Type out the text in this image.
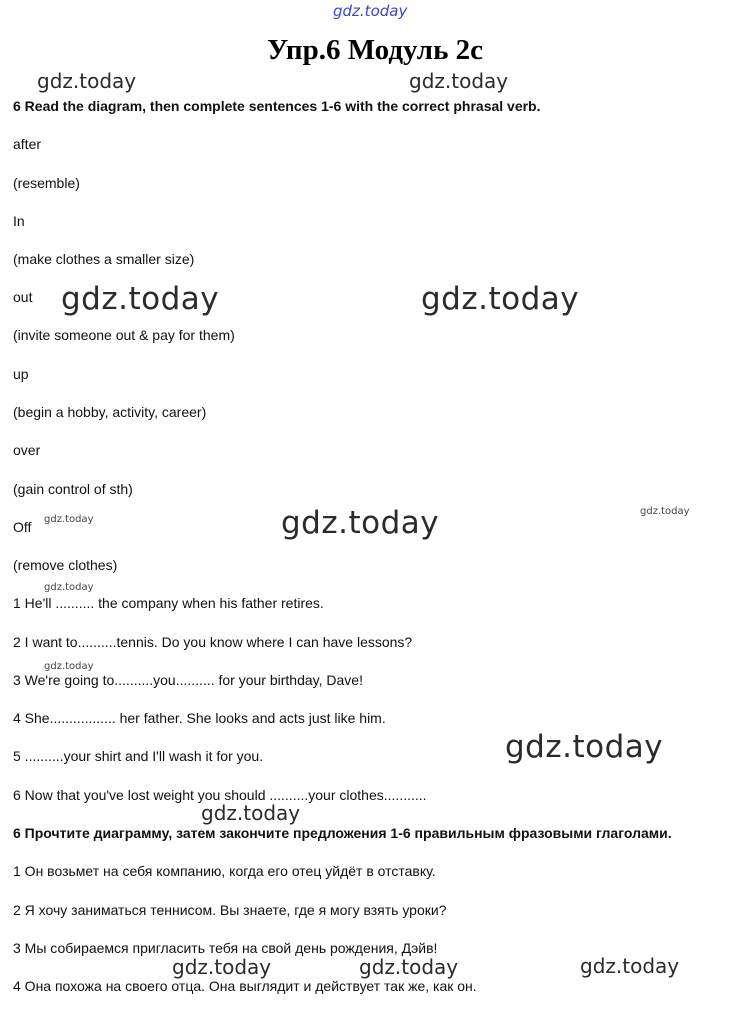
gdz.today
Упр.6 Модуль 2с
6 Read the diagram, then complete sentences 1-6 with the correct phrasal verb.
after
(resemble)
In
(make clothes a smaller size)
out
(invite someone out & pay for them)
up
(begin a hobby, activity, career)
over
(gain control of sth)
Off
(remove clothes)
1 He'll .......... the company when his father retires.
2 I want to..........tennis. Do you know where I can have lessons?
3 We're going to..........you.......... for your birthday, Dave!
4 She................. her father. She looks and acts just like him.
5 ..........your shirt and I'll wash it for you.
6 Now that you've lost weight you should ..........your clothes...........
6 Прочтите диаграмму, затем закончите предложения 1-6 правильным фразовыми глаголами.
1 Он возьмет на себя компанию, когда его отец уйдёт в отставку.
2 Я хочу заниматься теннисом. Вы знаете, где я могу взять уроки?
3 Мы собираемся пригласить тебя на свой день рождения, Дэйв!
4 Она похожа на своего отца. Она выглядит и действует так же, как он.
gdz.today	gdz.today
gdz.today	gdz.today
gdz.today	gdz.today	gdz.today
gdz.today
gdz.today
gdz.today
gdz.today
gdz.today	gdz.today	gdz.today
